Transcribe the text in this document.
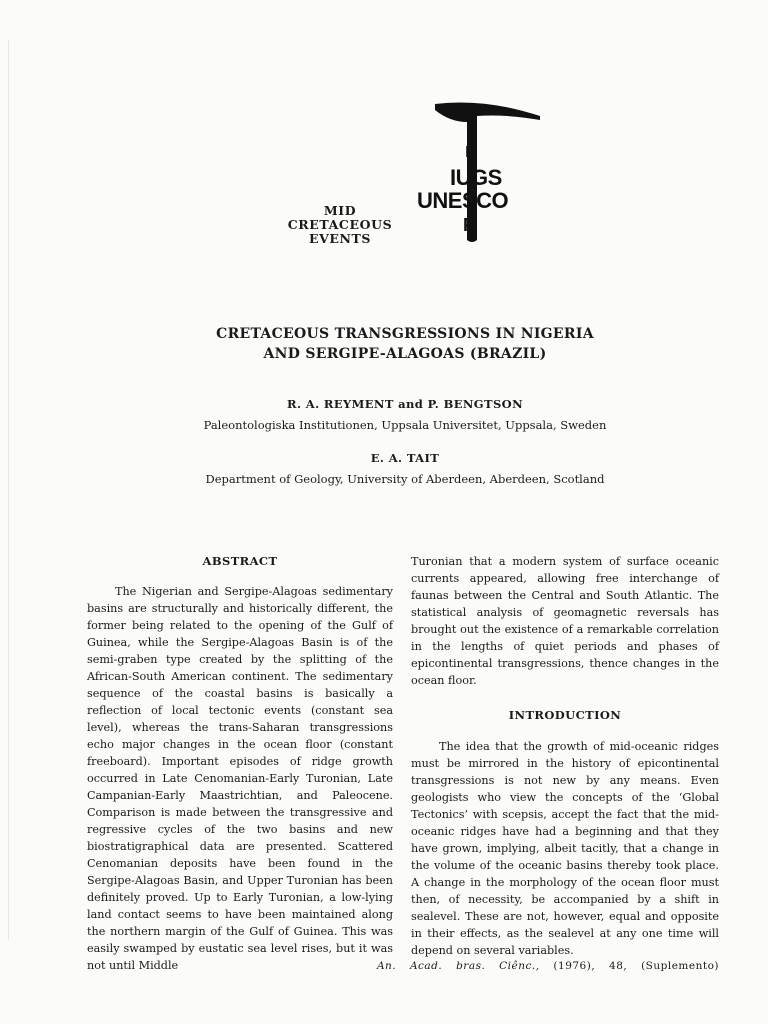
I
IUGS
UNESCO
P
MID
CRETACEOUS
EVENTS
CRETACEOUS TRANSGRESSIONS IN NIGERIA
AND SERGIPE-ALAGOAS (BRAZIL)
R. A. REYMENT and P. BENGTSON
Paleontologiska Institutionen, Uppsala Universitet, Uppsala, Sweden
E. A. TAIT
Department of Geology, University of Aberdeen, Aberdeen, Scotland
ABSTRACT

The Nigerian and Sergipe-Alagoas sedimentary basins are structurally and historically different, the former being related to the opening of the Gulf of Guinea, while the Sergipe-Alagoas Basin is of the semi-graben type created by the splitting of the African-South American continent. The sedimentary sequence of the coastal basins is basically a reflection of local tectonic events (constant sea level), whereas the trans-Saharan transgressions echo major changes in the ocean floor (constant freeboard). Important episodes of ridge growth occurred in Late Cenomanian-Early Turonian, Late Campanian-Early Maastrichtian, and Paleocene. Comparison is made between the transgressive and regressive cycles of the two basins and new biostratigraphical data are presented. Scattered Cenomanian deposits have been found in the Sergipe-Alagoas Basin, and Upper Turonian has been definitely proved. Up to Early Turonian, a low-lying land contact seems to have been maintained along the northern margin of the Gulf of Guinea. This was easily swamped by eustatic sea level rises, but it was not until Middle

Turonian that a modern system of surface oceanic currents appeared, allowing free interchange of faunas between the Central and South Atlantic. The statistical analysis of geomagnetic reversals has brought out the existence of a remarkable correlation in the lengths of quiet periods and phases of epicontinental transgressions, thence changes in the ocean floor.

INTRODUCTION

The idea that the growth of mid-oceanic ridges must be mirrored in the history of epicontinental transgressions is not new by any means. Even geologists who view the concepts of the ‘Global Tectonics’ with scepsis, accept the fact that the mid-oceanic ridges have had a beginning and that they have grown, implying, albeit tacitly, that a change in the volume of the oceanic basins thereby took place. A change in the morphology of the ocean floor must then, of necessity, be accompanied by a shift in sealevel. These are not, however, equal and opposite in their effects, as the sealevel at any one time will depend on several variables.

An. Acad. bras. Ciênc., (1976), 48, (Suplemento)
